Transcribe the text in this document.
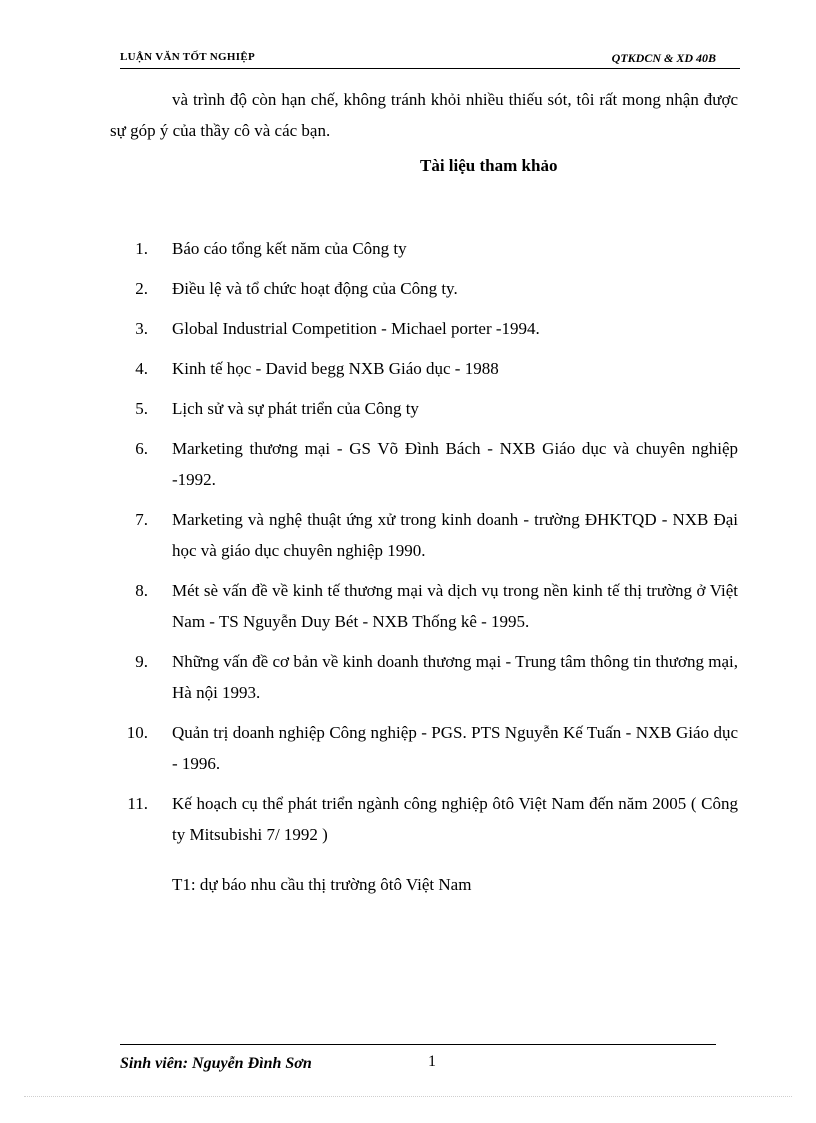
LUẬN VĂN TỐT NGHIỆP	QTKDCN & XD 40B

và trình độ còn hạn chế, không tránh khỏi nhiều thiếu sót, tôi rất mong nhận được sự góp ý của thầy cô và các bạn.

Tài liệu tham khảo
1. Báo cáo tổng kết năm của Công ty
2. Điều lệ và tổ chức hoạt động của Công ty.
3. Global Industrial Competition - Michael porter -1994.
4. Kinh tế học - David begg NXB Giáo dục - 1988
5. Lịch sử và sự phát triển của Công ty
6. Marketing thương mại - GS Võ Đình Bách - NXB Giáo dục và chuyên nghiệp -1992.
7. Marketing và nghệ thuật ứng xử trong kinh doanh - trường ĐHKTQD - NXB Đại học và giáo dục chuyên nghiệp 1990.
8. Mét sè vấn đề về kinh tế thương mại và dịch vụ trong nền kinh tế thị trường ở Việt Nam - TS Nguyễn Duy Bét - NXB Thống kê - 1995.
9. Những vấn đề cơ bản về kinh doanh thương mại - Trung tâm thông tin thương mại, Hà nội 1993.
10. Quản trị doanh nghiệp Công nghiệp - PGS. PTS Nguyễn Kế Tuấn - NXB Giáo dục - 1996.
11. Kế hoạch cụ thể phát triển ngành công nghiệp ôtô Việt Nam đến năm 2005 ( Công ty Mitsubishi 7/ 1992 )
T1: dự báo nhu cầu thị trường ôtô Việt Nam
Sinh viên: Nguyễn Đình Sơn	1
